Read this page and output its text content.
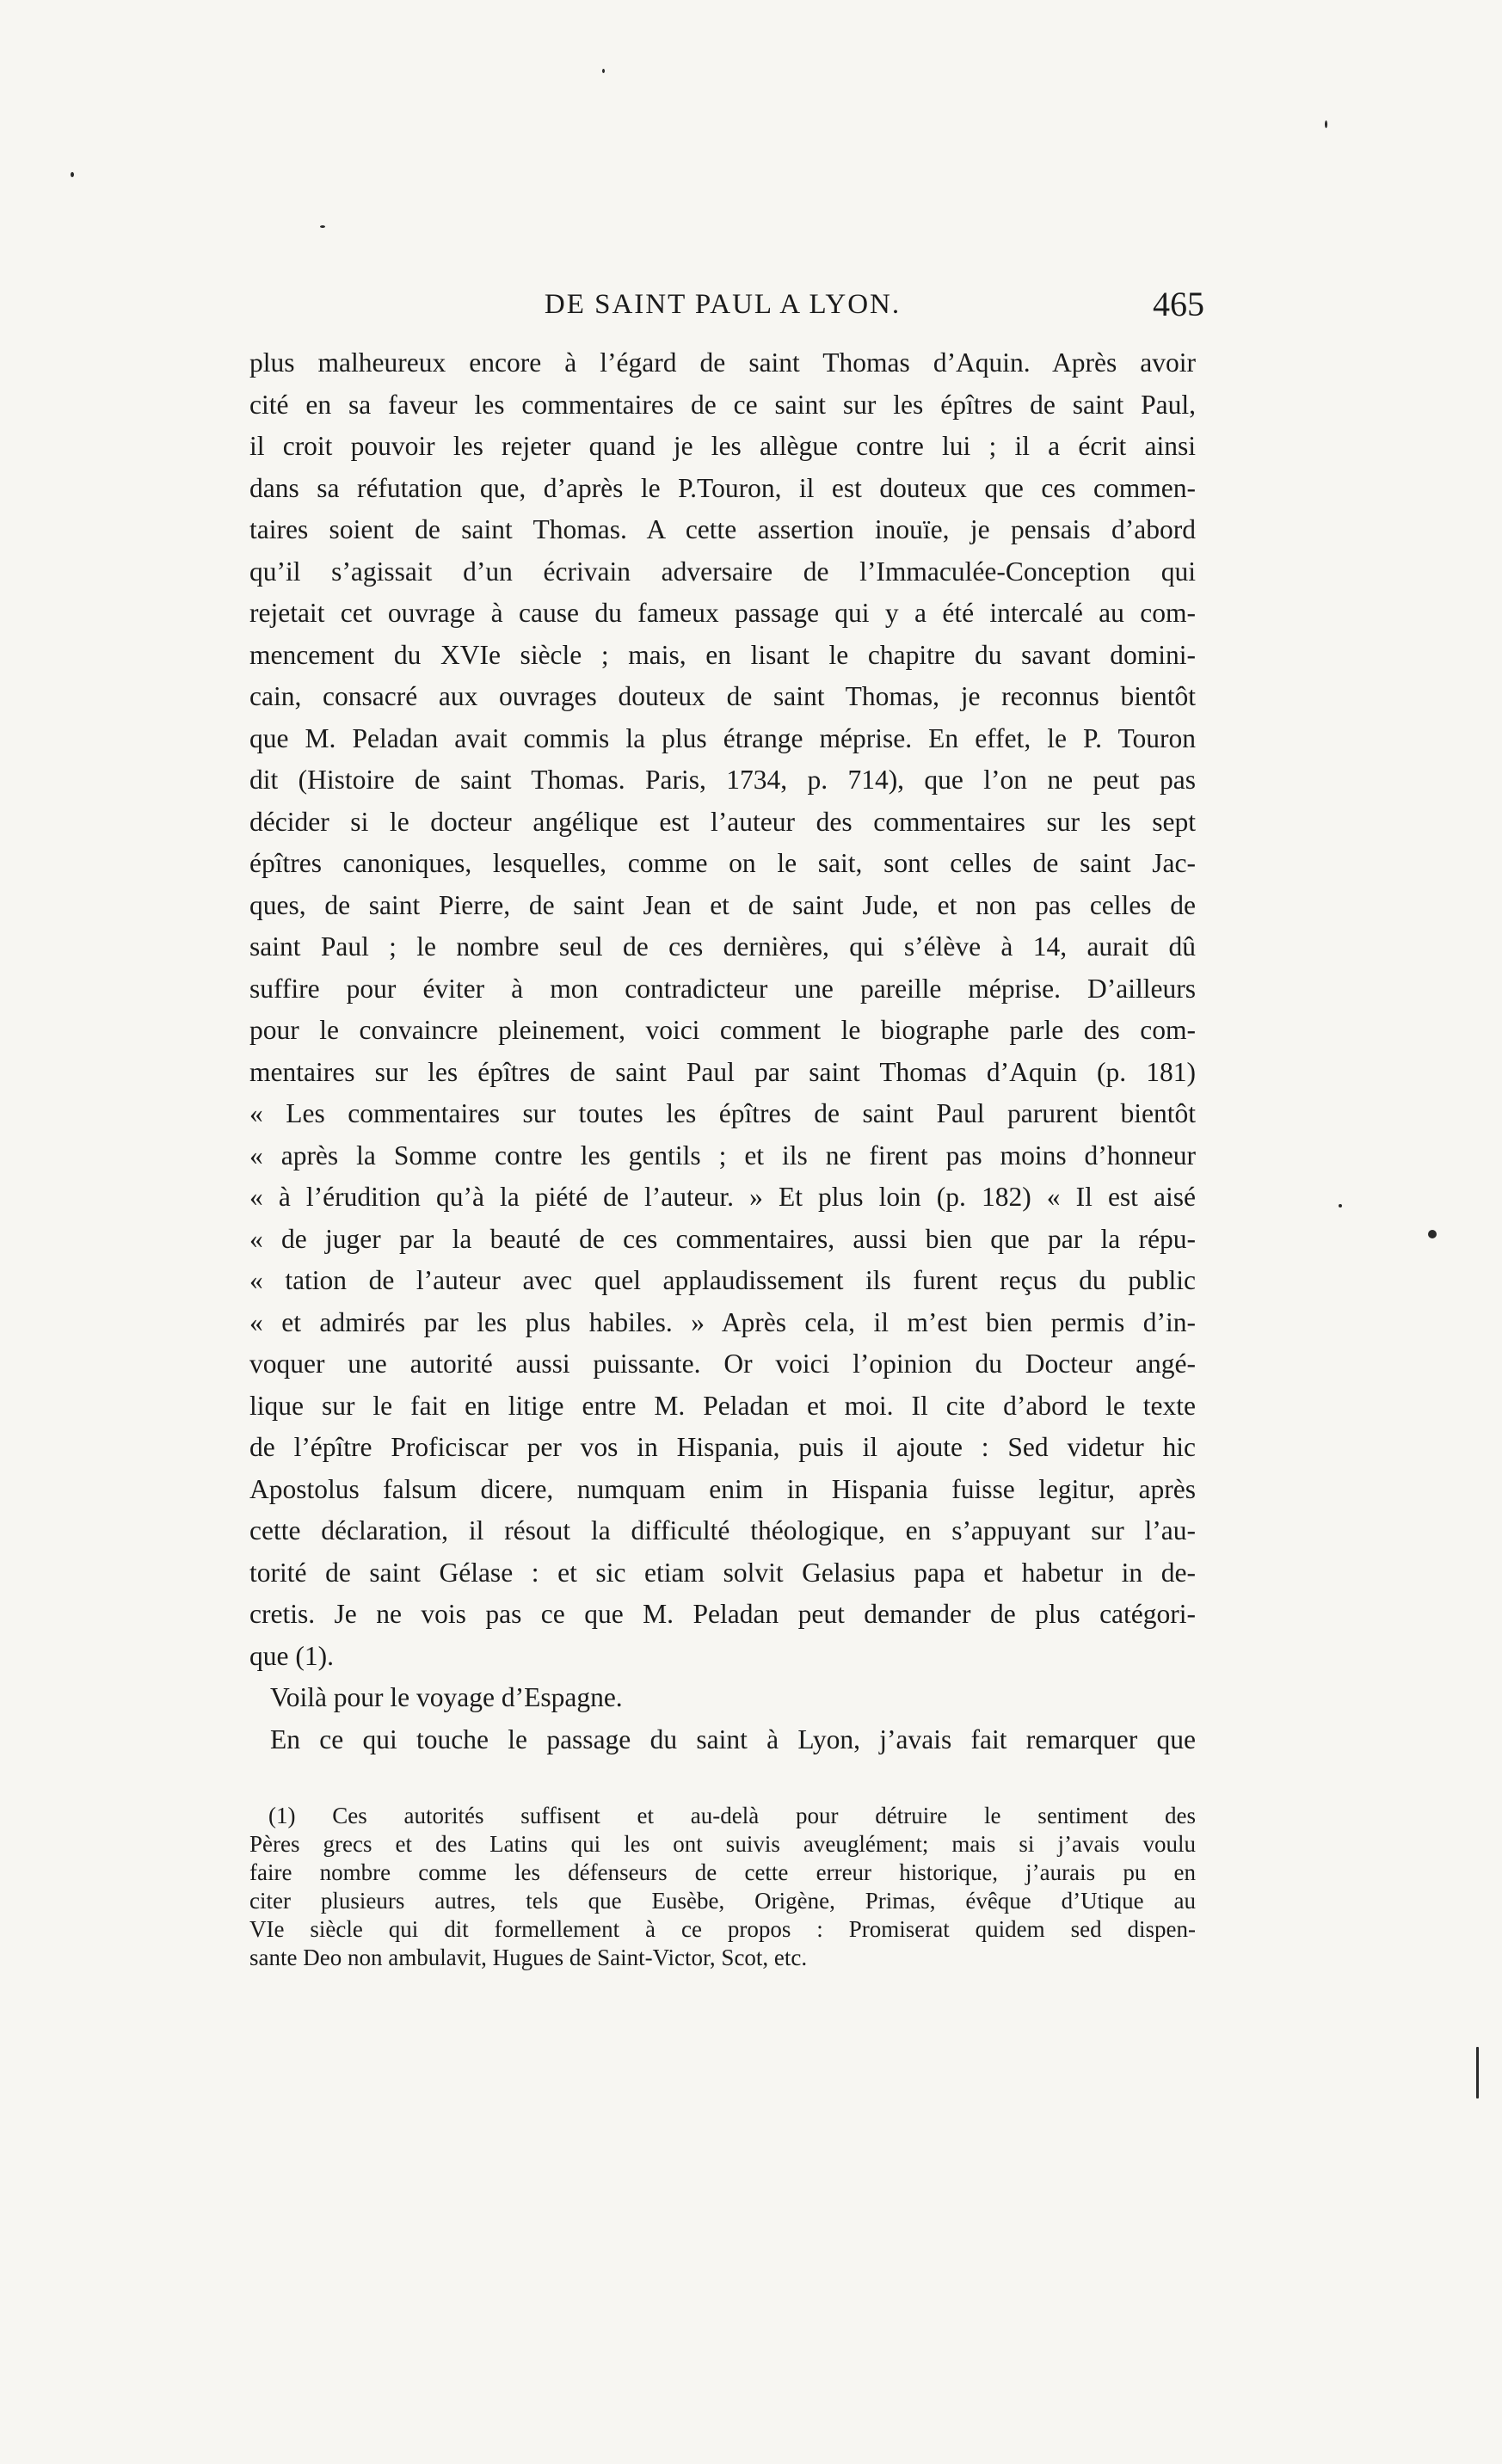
DE SAINT PAUL A LYON.	465
plus malheureux encore à l’égard de saint Thomas d’Aquin. Après avoir
cité en sa faveur les commentaires de ce saint sur les épîtres de saint Paul,
il croit pouvoir les rejeter quand je les allègue contre lui ; il a écrit ainsi
dans sa réfutation que, d’après le P.Touron, il est douteux que ces commen-
taires soient de saint Thomas. A cette assertion inouïe, je pensais d’abord
qu’il s’agissait d’un écrivain adversaire de l’Immaculée-Conception qui
rejetait cet ouvrage à cause du fameux passage qui y a été intercalé au com-
mencement du XVIe siècle ; mais, en lisant le chapitre du savant domini-
cain, consacré aux ouvrages douteux de saint Thomas, je reconnus bientôt
que M. Peladan avait commis la plus étrange méprise. En effet, le P. Touron
dit (Histoire de saint Thomas. Paris, 1734, p. 714), que l’on ne peut pas
décider si le docteur angélique est l’auteur des commentaires sur les sept
épîtres canoniques, lesquelles, comme on le sait, sont celles de saint Jac-
ques, de saint Pierre, de saint Jean et de saint Jude, et non pas celles de
saint Paul ; le nombre seul de ces dernières, qui s’élève à 14, aurait dû
suffire pour éviter à mon contradicteur une pareille méprise. D’ailleurs
pour le convaincre pleinement, voici comment le biographe parle des com-
mentaires sur les épîtres de saint Paul par saint Thomas d’Aquin (p. 181)
« Les commentaires sur toutes les épîtres de saint Paul parurent bientôt
« après la Somme contre les gentils ; et ils ne firent pas moins d’honneur
« à l’érudition qu’à la piété de l’auteur. » Et plus loin (p. 182) « Il est aisé
« de juger par la beauté de ces commentaires, aussi bien que par la répu-
« tation de l’auteur avec quel applaudissement ils furent reçus du public
« et admirés par les plus habiles. » Après cela, il m’est bien permis d’in-
voquer une autorité aussi puissante. Or voici l’opinion du Docteur angé-
lique sur le fait en litige entre M. Peladan et moi. Il cite d’abord le texte
de l’épître Proficiscar per vos in Hispania, puis il ajoute : Sed videtur hic
Apostolus falsum dicere, numquam enim in Hispania fuisse legitur, après
cette déclaration, il résout la difficulté théologique, en s’appuyant sur l’au-
torité de saint Gélase : et sic etiam solvit Gelasius papa et habetur in de-
cretis. Je ne vois pas ce que M. Peladan peut demander de plus catégori-
que (1).
Voilà pour le voyage d’Espagne.
En ce qui touche le passage du saint à Lyon, j’avais fait remarquer que
(1) Ces autorités suffisent et au-delà pour détruire le sentiment des
Pères grecs et des Latins qui les ont suivis aveuglément; mais si j’avais voulu
faire nombre comme les défenseurs de cette erreur historique, j’aurais pu en
citer plusieurs autres, tels que Eusèbe, Origène, Primas, évêque d’Utique au
VIe siècle qui dit formellement à ce propos : Promiserat quidem sed dispen-
sante Deo non ambulavit, Hugues de Saint-Victor, Scot, etc.
